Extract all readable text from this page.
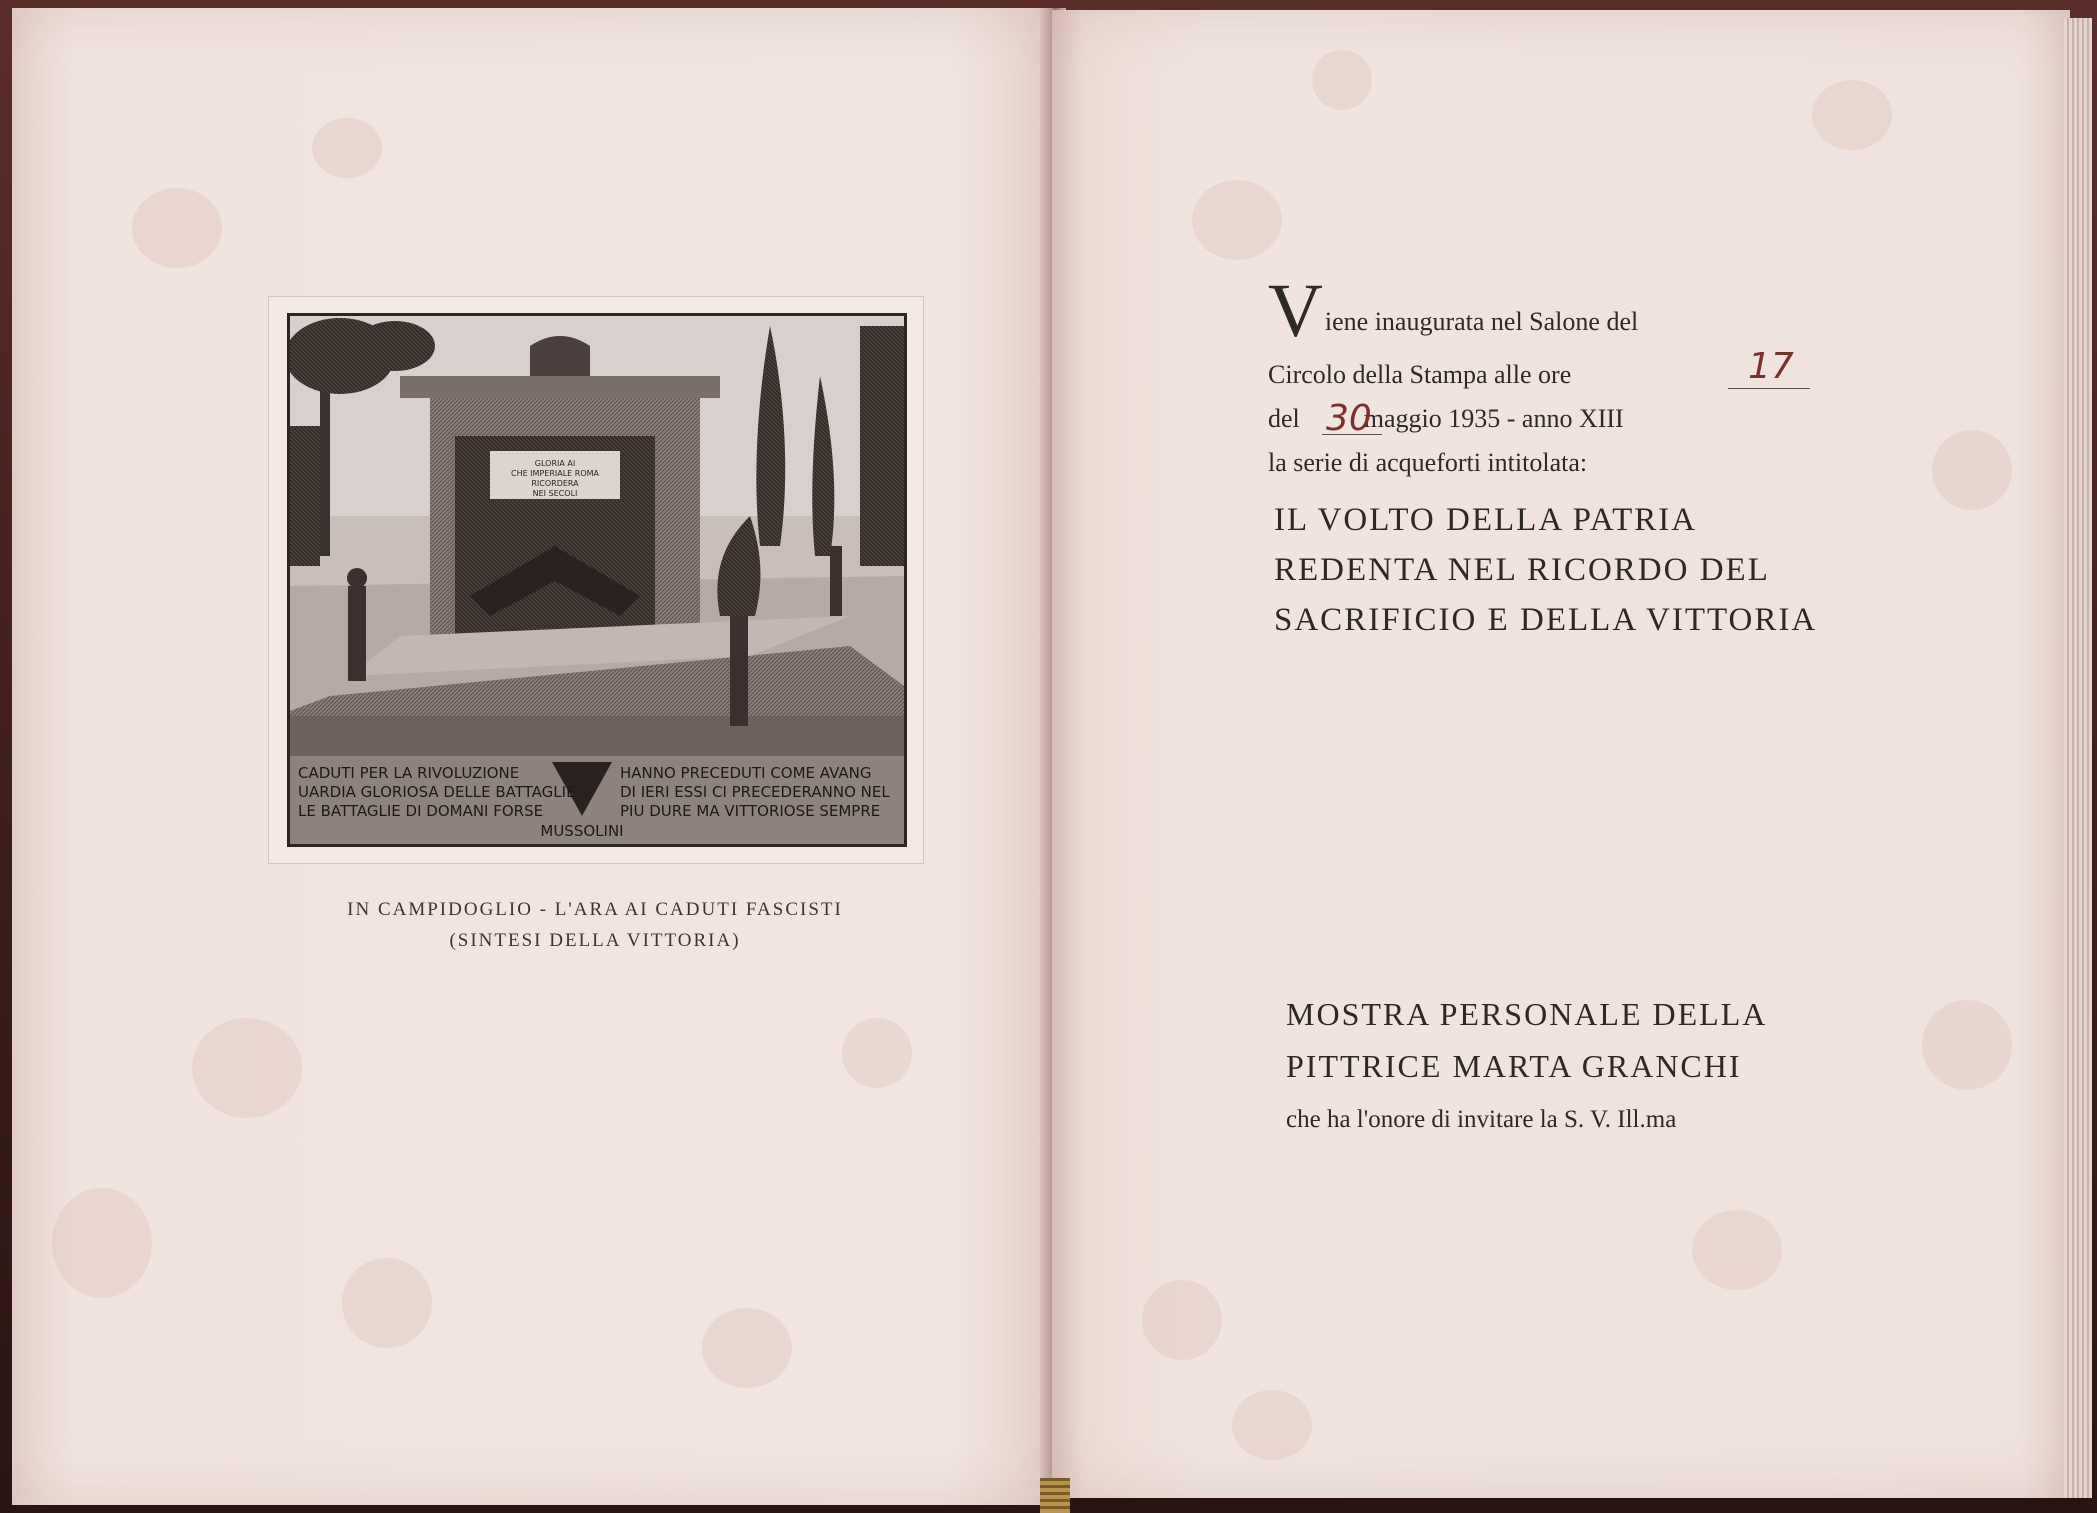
GLORIA AI
CHE IMPERIALE ROMA
RICORDERA
NEI SECOLI
CADUTI PER LA RIVOLUZIONE	HANNO PRECEDUTI COME AVANG
UARDIA GLORIOSA DELLE BATTAGLIE	DI IERI ESSI CI PRECEDERANNO NEL
LE BATTAGLIE DI DOMANI FORSE	PIU DURE MA VITTORIOSE SEMPRE
MUSSOLINI
IN CAMPIDOGLIO - L'ARA AI CADUTI FASCISTI
(SINTESI DELLA VITTORIA)
Viene inaugurata nel Salone del
Circolo della Stampa alle ore
del maggio 1935 - anno XIII
la serie di acqueforti intitolata:
17
30
IL VOLTO DELLA PATRIA
REDENTA NEL RICORDO DEL
SACRIFICIO E DELLA VITTORIA
MOSTRA PERSONALE DELLA
PITTRICE MARTA GRANCHI
che ha l'onore di invitare la S. V. Ill.ma
